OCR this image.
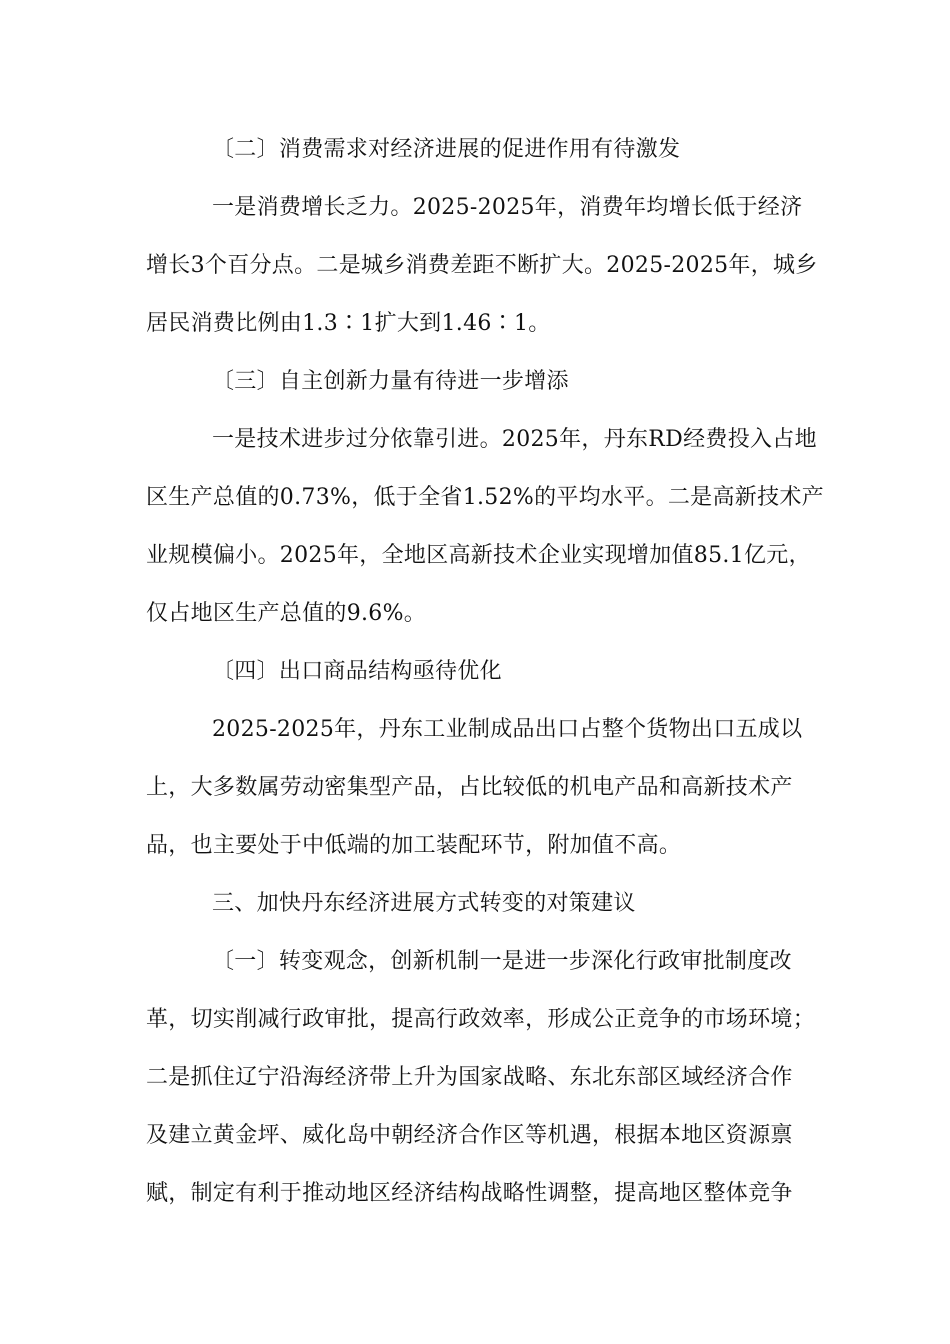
〔二〕消费需求对经济进展的促进作用有待激发
一是消费增长乏力。2025-2025年，消费年均增长低于经济
增长3个百分点。二是城乡消费差距不断扩大。2025-2025年，城乡
居民消费比例由1.3∶1扩大到1.46∶1。
〔三〕自主创新力量有待进一步增添
一是技术进步过分依靠引进。2025年，丹东RD经费投入占地
区生产总值的0.73%，低于全省1.52%的平均水平。二是高新技术产
业规模偏小。2025年，全地区高新技术企业实现增加值85.1亿元，
仅占地区生产总值的9.6%。
〔四〕出口商品结构亟待优化
2025-2025年，丹东工业制成品出口占整个货物出口五成以
上，大多数属劳动密集型产品，占比较低的机电产品和高新技术产
品，也主要处于中低端的加工装配环节，附加值不高。
三、加快丹东经济进展方式转变的对策建议
〔一〕转变观念，创新机制一是进一步深化行政审批制度改
革，切实削减行政审批，提高行政效率，形成公正竞争的市场环境；
二是抓住辽宁沿海经济带上升为国家战略、东北东部区域经济合作
及建立黄金坪、威化岛中朝经济合作区等机遇，根据本地区资源禀
赋，制定有利于推动地区经济结构战略性调整，提高地区整体竞争
